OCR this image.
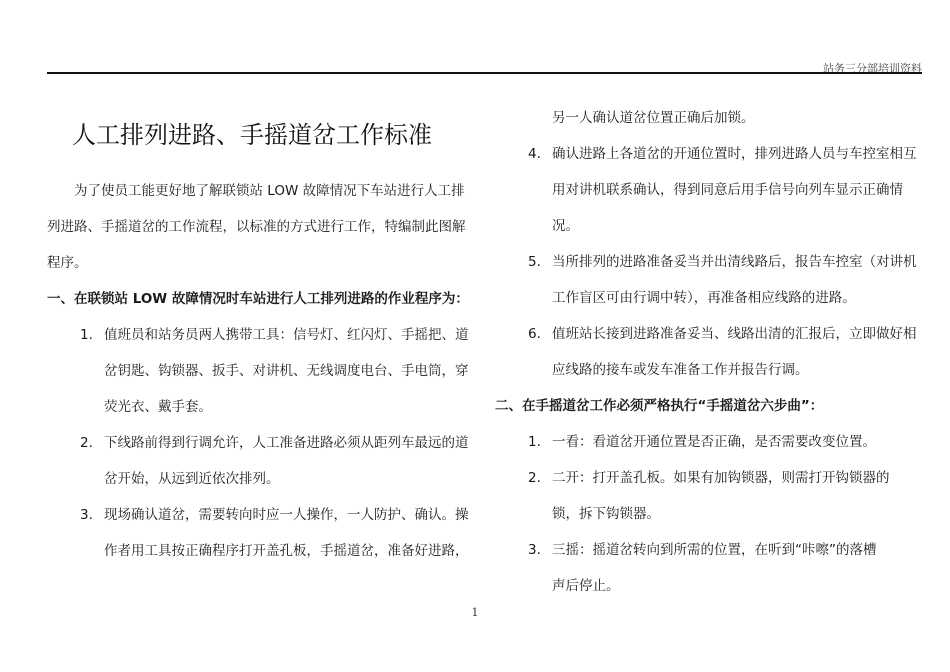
站务三分部培训资料
人工排列进路、手摇道岔工作标准

为了使员工能更好地了解联锁站 LOW 故障情况下车站进行人工排

列进路、手摇道岔的工作流程，以标准的方式进行工作，特编制此图解

程序。

一、在联锁站 LOW 故障情况时车站进行人工排列进路的作业程序为：

1. 值班员和站务员两人携带工具：信号灯、红闪灯、手摇把、道
岔钥匙、钩锁器、扳手、对讲机、无线调度电台、手电筒，穿
荧光衣、戴手套。
2. 下线路前得到行调允许，人工准备进路必须从距列车最远的道
岔开始，从远到近依次排列。
3. 现场确认道岔，需要转向时应一人操作，一人防护、确认。操
作者用工具按正确程序打开盖孔板，手摇道岔，准备好进路，

另一人确认道岔位置正确后加锁。

4. 确认进路上各道岔的开通位置时，排列进路人员与车控室相互
用对讲机联系确认，得到同意后用手信号向列车显示正确情况。
5. 当所排列的进路准备妥当并出清线路后，报告车控室（对讲机
工作盲区可由行调中转），再准备相应线路的进路。
6. 值班站长接到进路准备妥当、线路出清的汇报后，立即做好相
应线路的接车或发车准备工作并报告行调。

二、在手摇道岔工作必须严格执行“手摇道岔六步曲”：

1. 一看：看道岔开通位置是否正确，是否需要改变位置。
2. 二开：打开盖孔板。如果有加钩锁器，则需打开钩锁器的
锁，拆下钩锁器。
3. 三摇：摇道岔转向到所需的位置，在听到“咔嚓”的落槽
声后停止。
1
